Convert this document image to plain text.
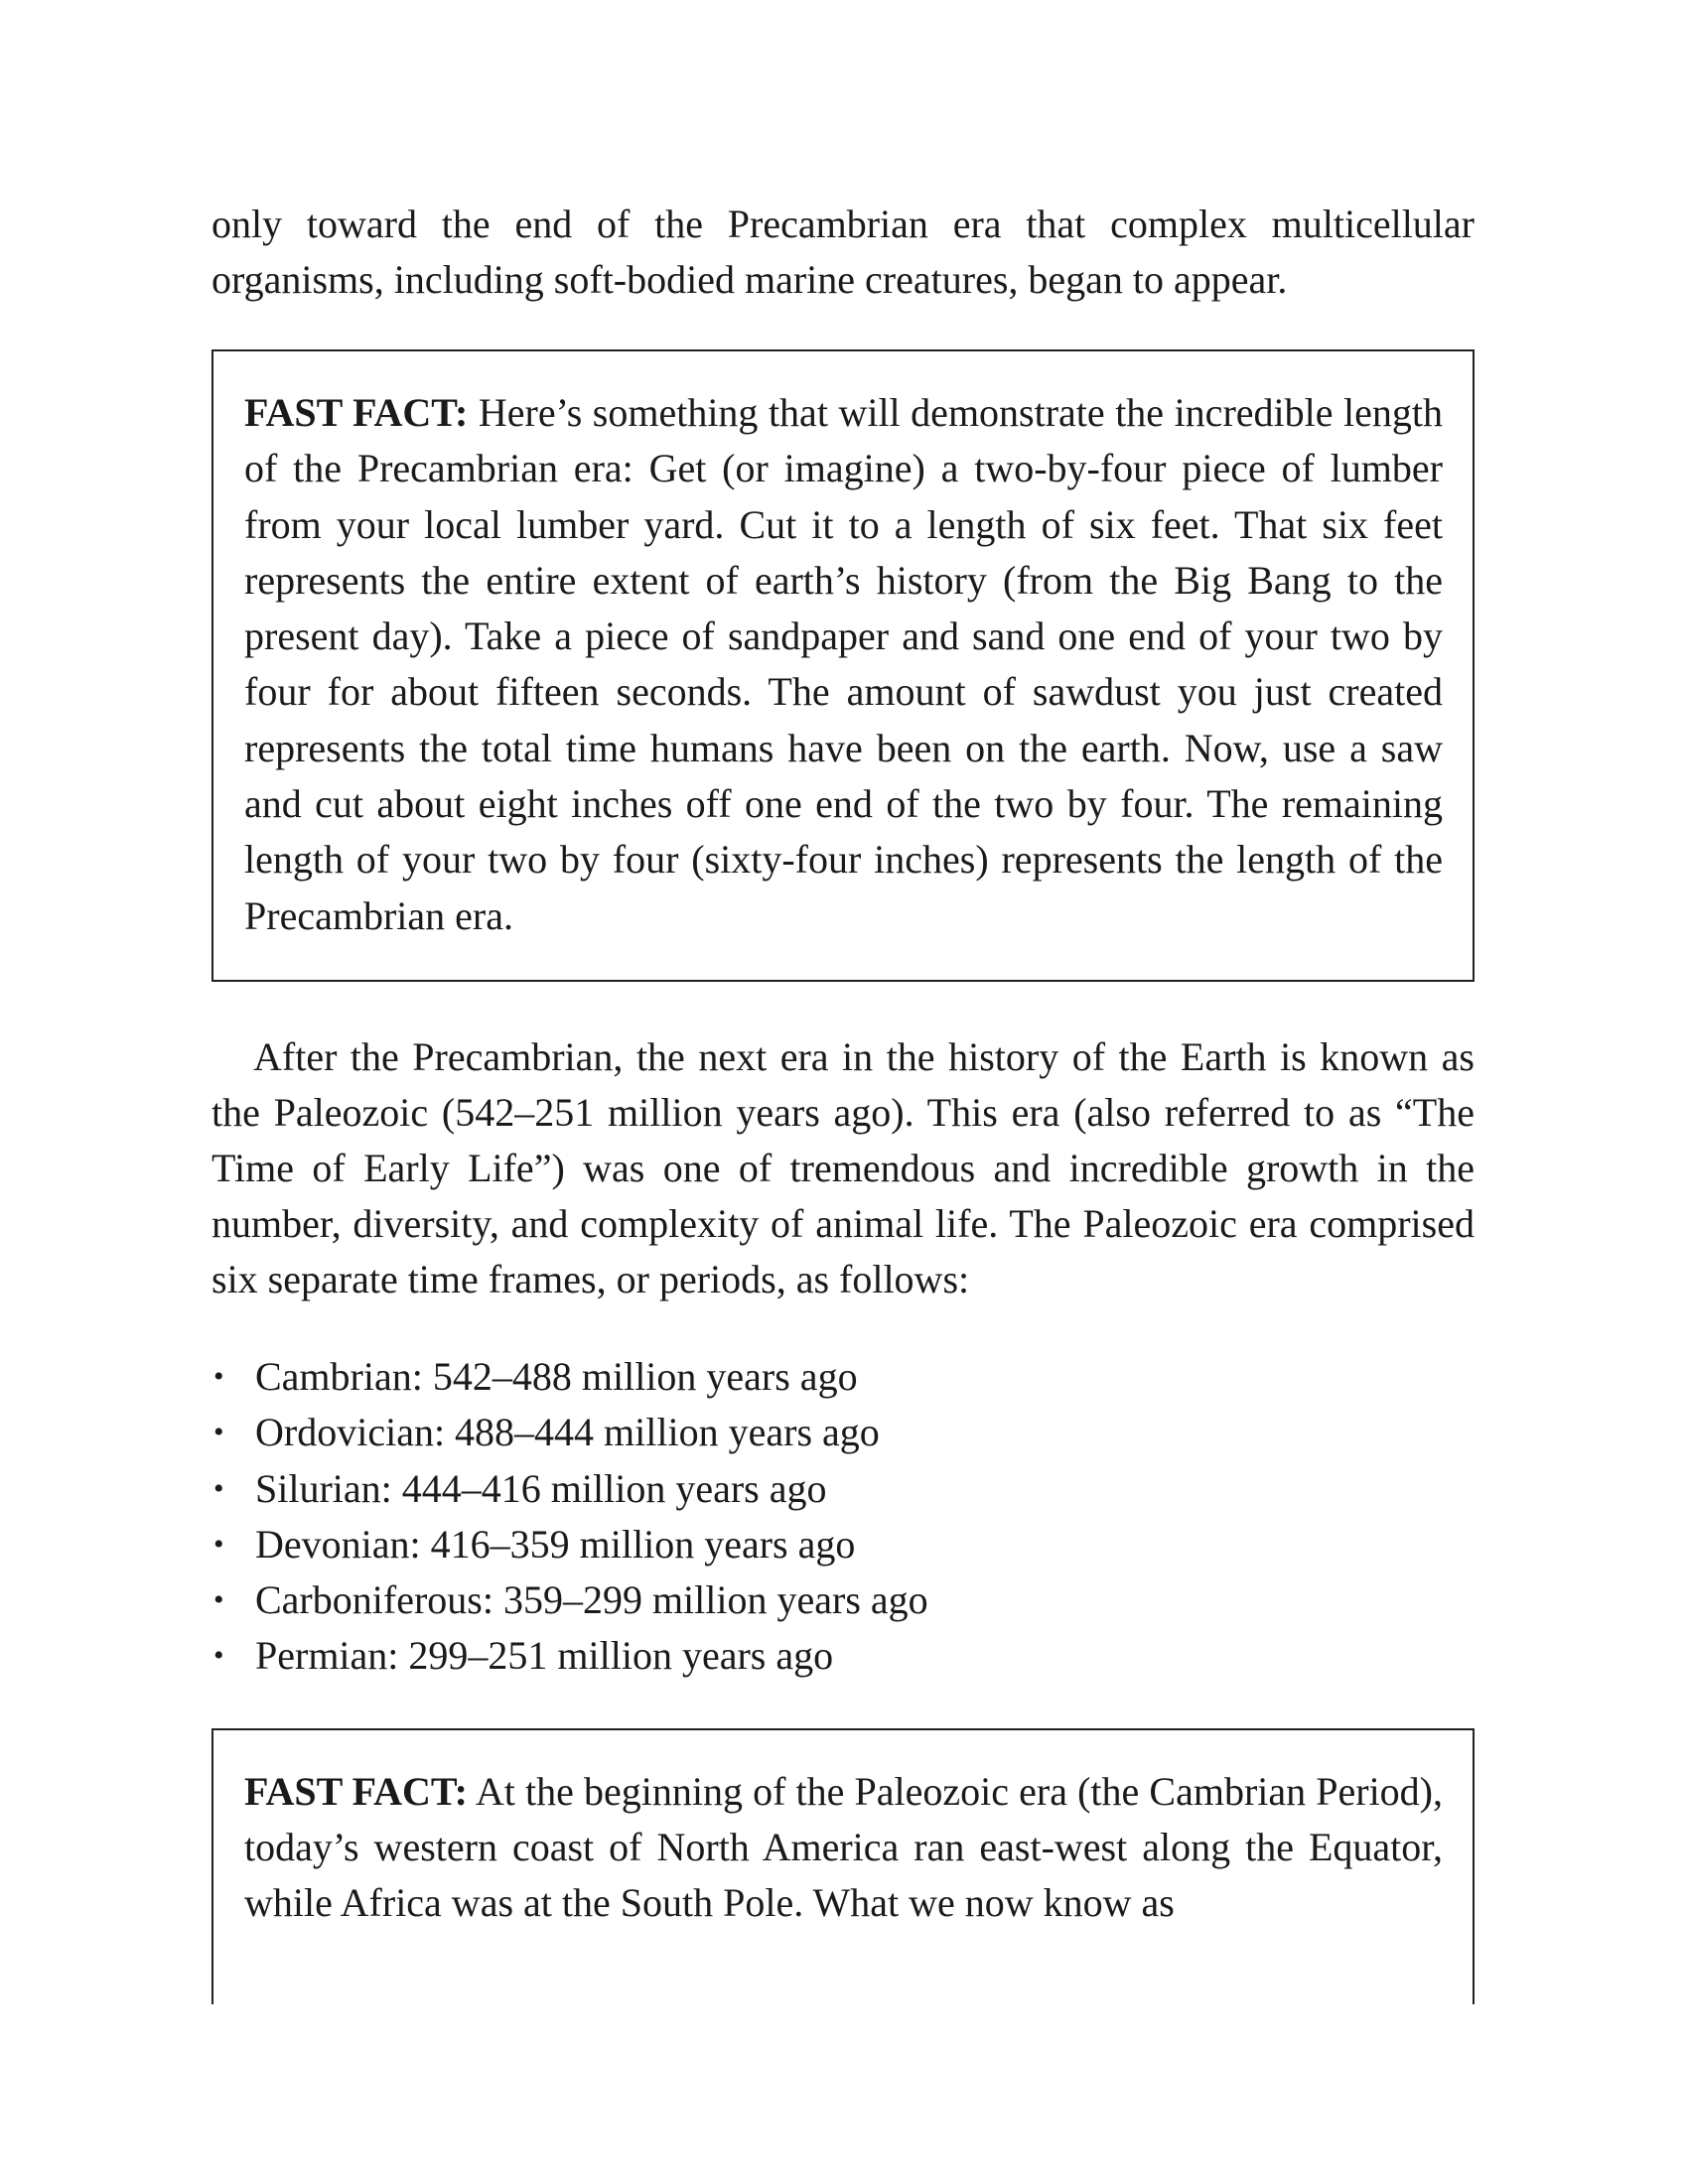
only toward the end of the Precambrian era that complex multicellular organisms, including soft-bodied marine creatures, began to appear.

FAST FACT: Here’s something that will demonstrate the incredible length of the Precambrian era: Get (or imagine) a two-by-four piece of lumber from your local lumber yard. Cut it to a length of six feet. That six feet represents the entire extent of earth’s history (from the Big Bang to the present day). Take a piece of sandpaper and sand one end of your two by four for about fifteen seconds. The amount of sawdust you just created represents the total time humans have been on the earth. Now, use a saw and cut about eight inches off one end of the two by four. The remaining length of your two by four (sixty-four inches) represents the length of the Precambrian era.

After the Precambrian, the next era in the history of the Earth is known as the Paleozoic (542–251 million years ago). This era (also referred to as “The Time of Early Life”) was one of tremendous and incredible growth in the number, diversity, and complexity of animal life. The Paleozoic era comprised six separate time frames, or periods, as follows:

• Cambrian: 542–488 million years ago
• Ordovician: 488–444 million years ago
• Silurian: 444–416 million years ago
• Devonian: 416–359 million years ago
• Carboniferous: 359–299 million years ago
• Permian: 299–251 million years ago

FAST FACT: At the beginning of the Paleozoic era (the Cambrian Period), today’s western coast of North America ran east-west along the Equator, while Africa was at the South Pole. What we now know as
